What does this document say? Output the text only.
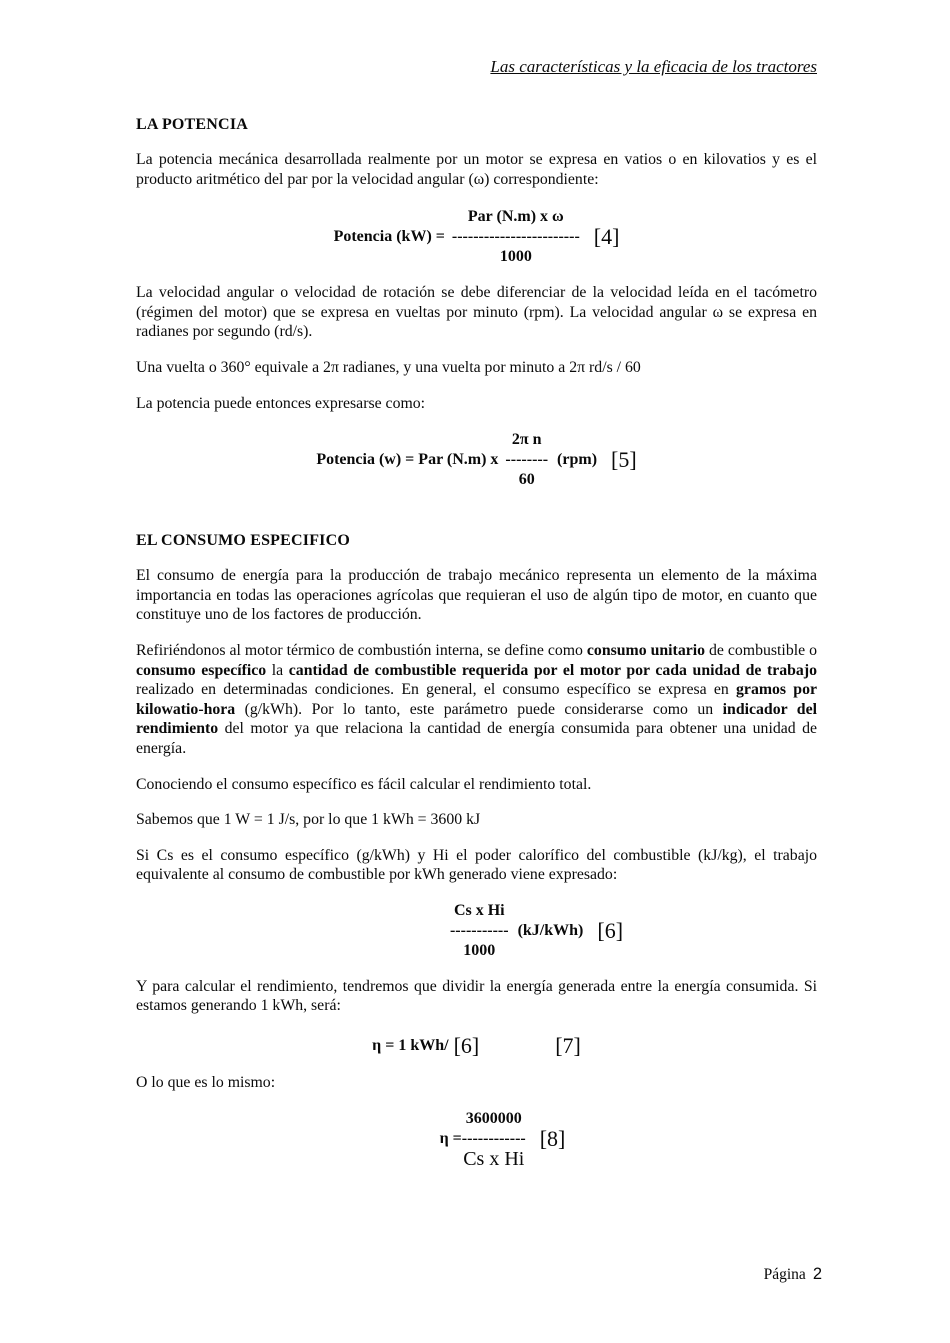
Las características y la eficacia de los tractores
LA POTENCIA

La potencia mecánica desarrollada realmente por un motor se expresa en vatios o en kilovatios y es el producto aritmético del par por la velocidad angular (ω) correspondiente:

Potencia (kW) =
Par (N.m) x ω
------------------------
1000
[4]

La velocidad angular o velocidad de rotación se debe diferenciar de la velocidad leída en el tacómetro (régimen del motor) que se expresa en vueltas por minuto (rpm). La velocidad angular ω se expresa en radianes por segundo (rd/s).

Una vuelta o 360° equivale a 2π radianes, y una vuelta por minuto a 2π rd/s / 60

La potencia puede entonces expresarse como:

Potencia (w) = Par (N.m) x
2π n
--------
60
(rpm) [5]
EL CONSUMO ESPECIFICO

El consumo de energía para la producción de trabajo mecánico representa un elemento de la máxima importancia en todas las operaciones agrícolas que requieran el uso de algún tipo de motor, en cuanto que constituye uno de los factores de producción.

Refiriéndonos al motor térmico de combustión interna, se define como consumo unitario de combustible o consumo específico la cantidad de combustible requerida por el motor por cada unidad de trabajo realizado en determinadas condiciones. En general, el consumo específico se expresa en gramos por kilowatio-hora (g/kWh). Por lo tanto, este parámetro puede considerarse como un indicador del rendimiento del motor ya que relaciona la cantidad de energía consumida para obtener una unidad de energía.

Conociendo el consumo específico es fácil calcular el rendimiento total.

Sabemos que 1 W = 1 J/s, por lo que 1 kWh = 3600 kJ

Si Cs es el consumo específico (g/kWh) y Hi el poder calorífico del combustible (kJ/kg), el trabajo equivalente al consumo de combustible por kWh generado viene expresado:

Cs x Hi
-----------
1000
(kJ/kWh) [6]

Y para calcular el rendimiento, tendremos que dividir la energía generada entre la energía consumida. Si estamos generando 1 kWh, será:

η = 1 kWh/ [6]	[7]

O lo que es lo mismo:

η =
3600000
------------
Cs x Hi
[8]
Página 2
